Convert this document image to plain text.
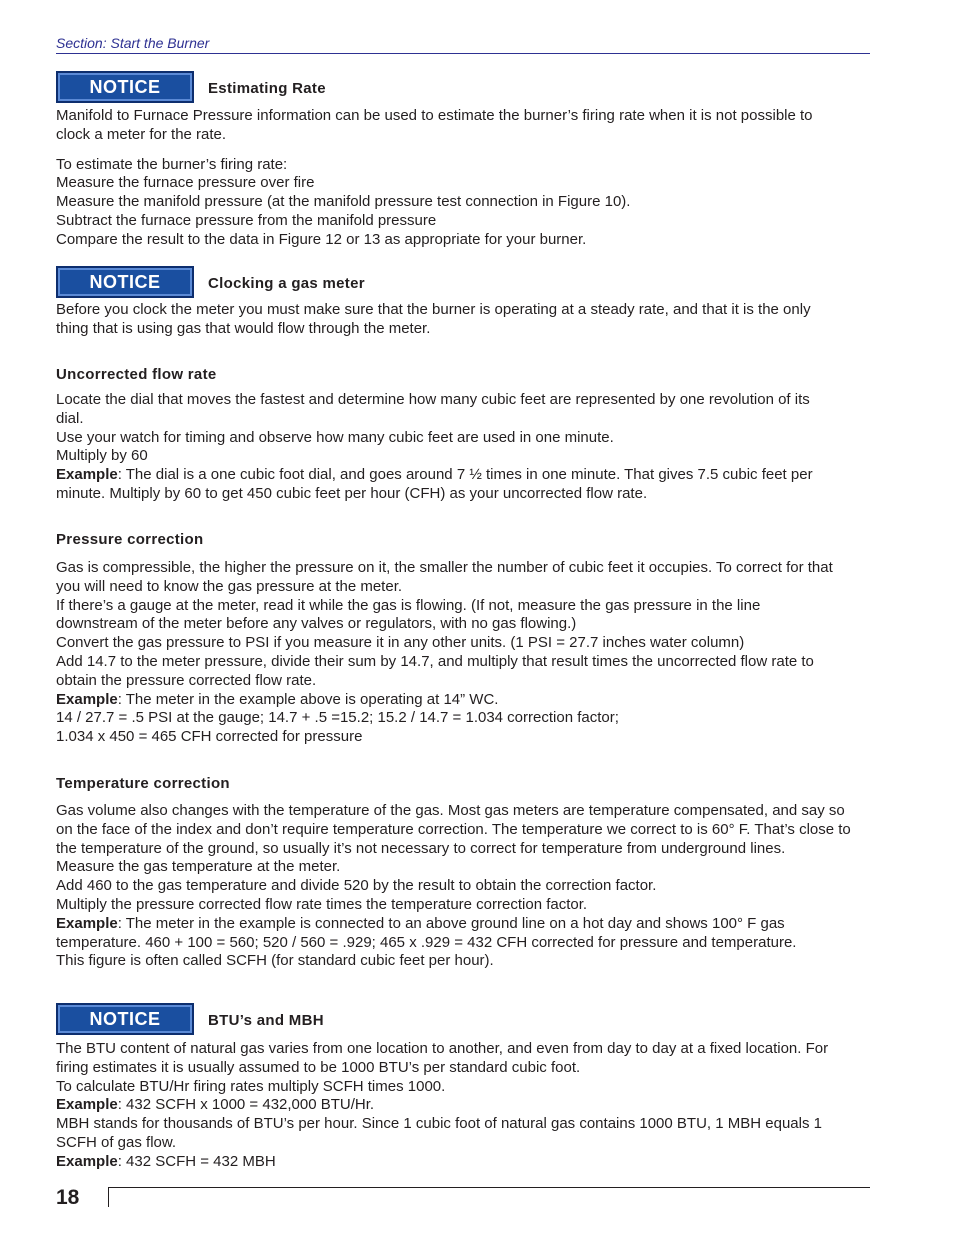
Section: Start the Burner
NOTICE	Estimating Rate

Manifold to Furnace Pressure information can be used to estimate the burner’s firing rate when it is not possible to

clock a meter for the rate.

To estimate the burner’s firing rate:

Measure the furnace pressure over fire

Measure the manifold pressure (at the manifold pressure test connection in Figure 10).

Subtract the furnace pressure from the manifold pressure

Compare the result to the data in Figure 12 or 13 as appropriate for your burner.

NOTICE	Clocking a gas meter

Before you clock the meter you must make sure that the burner is operating at a steady rate, and that it is the only

thing that is using gas that would flow through the meter.

Uncorrected flow rate

Locate the dial that moves the fastest and determine how many cubic feet are represented by one revolution of its

dial.

Use your watch for timing and observe how many cubic feet are used in one minute.

Multiply by 60

Example: The dial is a one cubic foot dial, and goes around 7 ½ times in one minute. That gives 7.5 cubic feet per

minute. Multiply by 60 to get 450 cubic feet per hour (CFH) as your uncorrected flow rate.

Pressure correction

Gas is compressible, the higher the pressure on it, the smaller the number of cubic feet it occupies. To correct for that

you will need to know the gas pressure at the meter.

If there’s a gauge at the meter, read it while the gas is flowing. (If not, measure the gas pressure in the line

downstream of the meter before any valves or regulators, with no gas flowing.)

Convert the gas pressure to PSI if you measure it in any other units. (1 PSI = 27.7 inches water column)

Add 14.7 to the meter pressure, divide their sum by 14.7, and multiply that result times the uncorrected flow rate to

obtain the pressure corrected flow rate.

Example: The meter in the example above is operating at 14” WC.

14 / 27.7 = .5 PSI at the gauge; 14.7 + .5 =15.2; 15.2 / 14.7 = 1.034 correction factor;

1.034 x 450 = 465 CFH corrected for pressure

Temperature correction

Gas volume also changes with the temperature of the gas. Most gas meters are temperature compensated, and say so

on the face of the index and don’t require temperature correction. The temperature we correct to is 60° F. That’s close to

the temperature of the ground, so usually it’s not necessary to correct for temperature from underground lines.

Measure the gas temperature at the meter.

Add 460 to the gas temperature and divide 520 by the result to obtain the correction factor.

Multiply the pressure corrected flow rate times the temperature correction factor.

Example: The meter in the example is connected to an above ground line on a hot day and shows 100° F gas

temperature. 460 + 100 = 560; 520 / 560 = .929; 465 x .929 = 432 CFH corrected for pressure and temperature.

This figure is often called SCFH (for standard cubic feet per hour).

NOTICE	BTU’s and MBH

The BTU content of natural gas varies from one location to another, and even from day to day at a fixed location. For

firing estimates it is usually assumed to be 1000 BTU’s per standard cubic foot.

To calculate BTU/Hr firing rates multiply SCFH times 1000.

Example: 432 SCFH x 1000 = 432,000 BTU/Hr.

MBH stands for thousands of BTU’s per hour. Since 1 cubic foot of natural gas contains 1000 BTU, 1 MBH equals 1

SCFH of gas flow.

Example: 432 SCFH = 432 MBH

18
